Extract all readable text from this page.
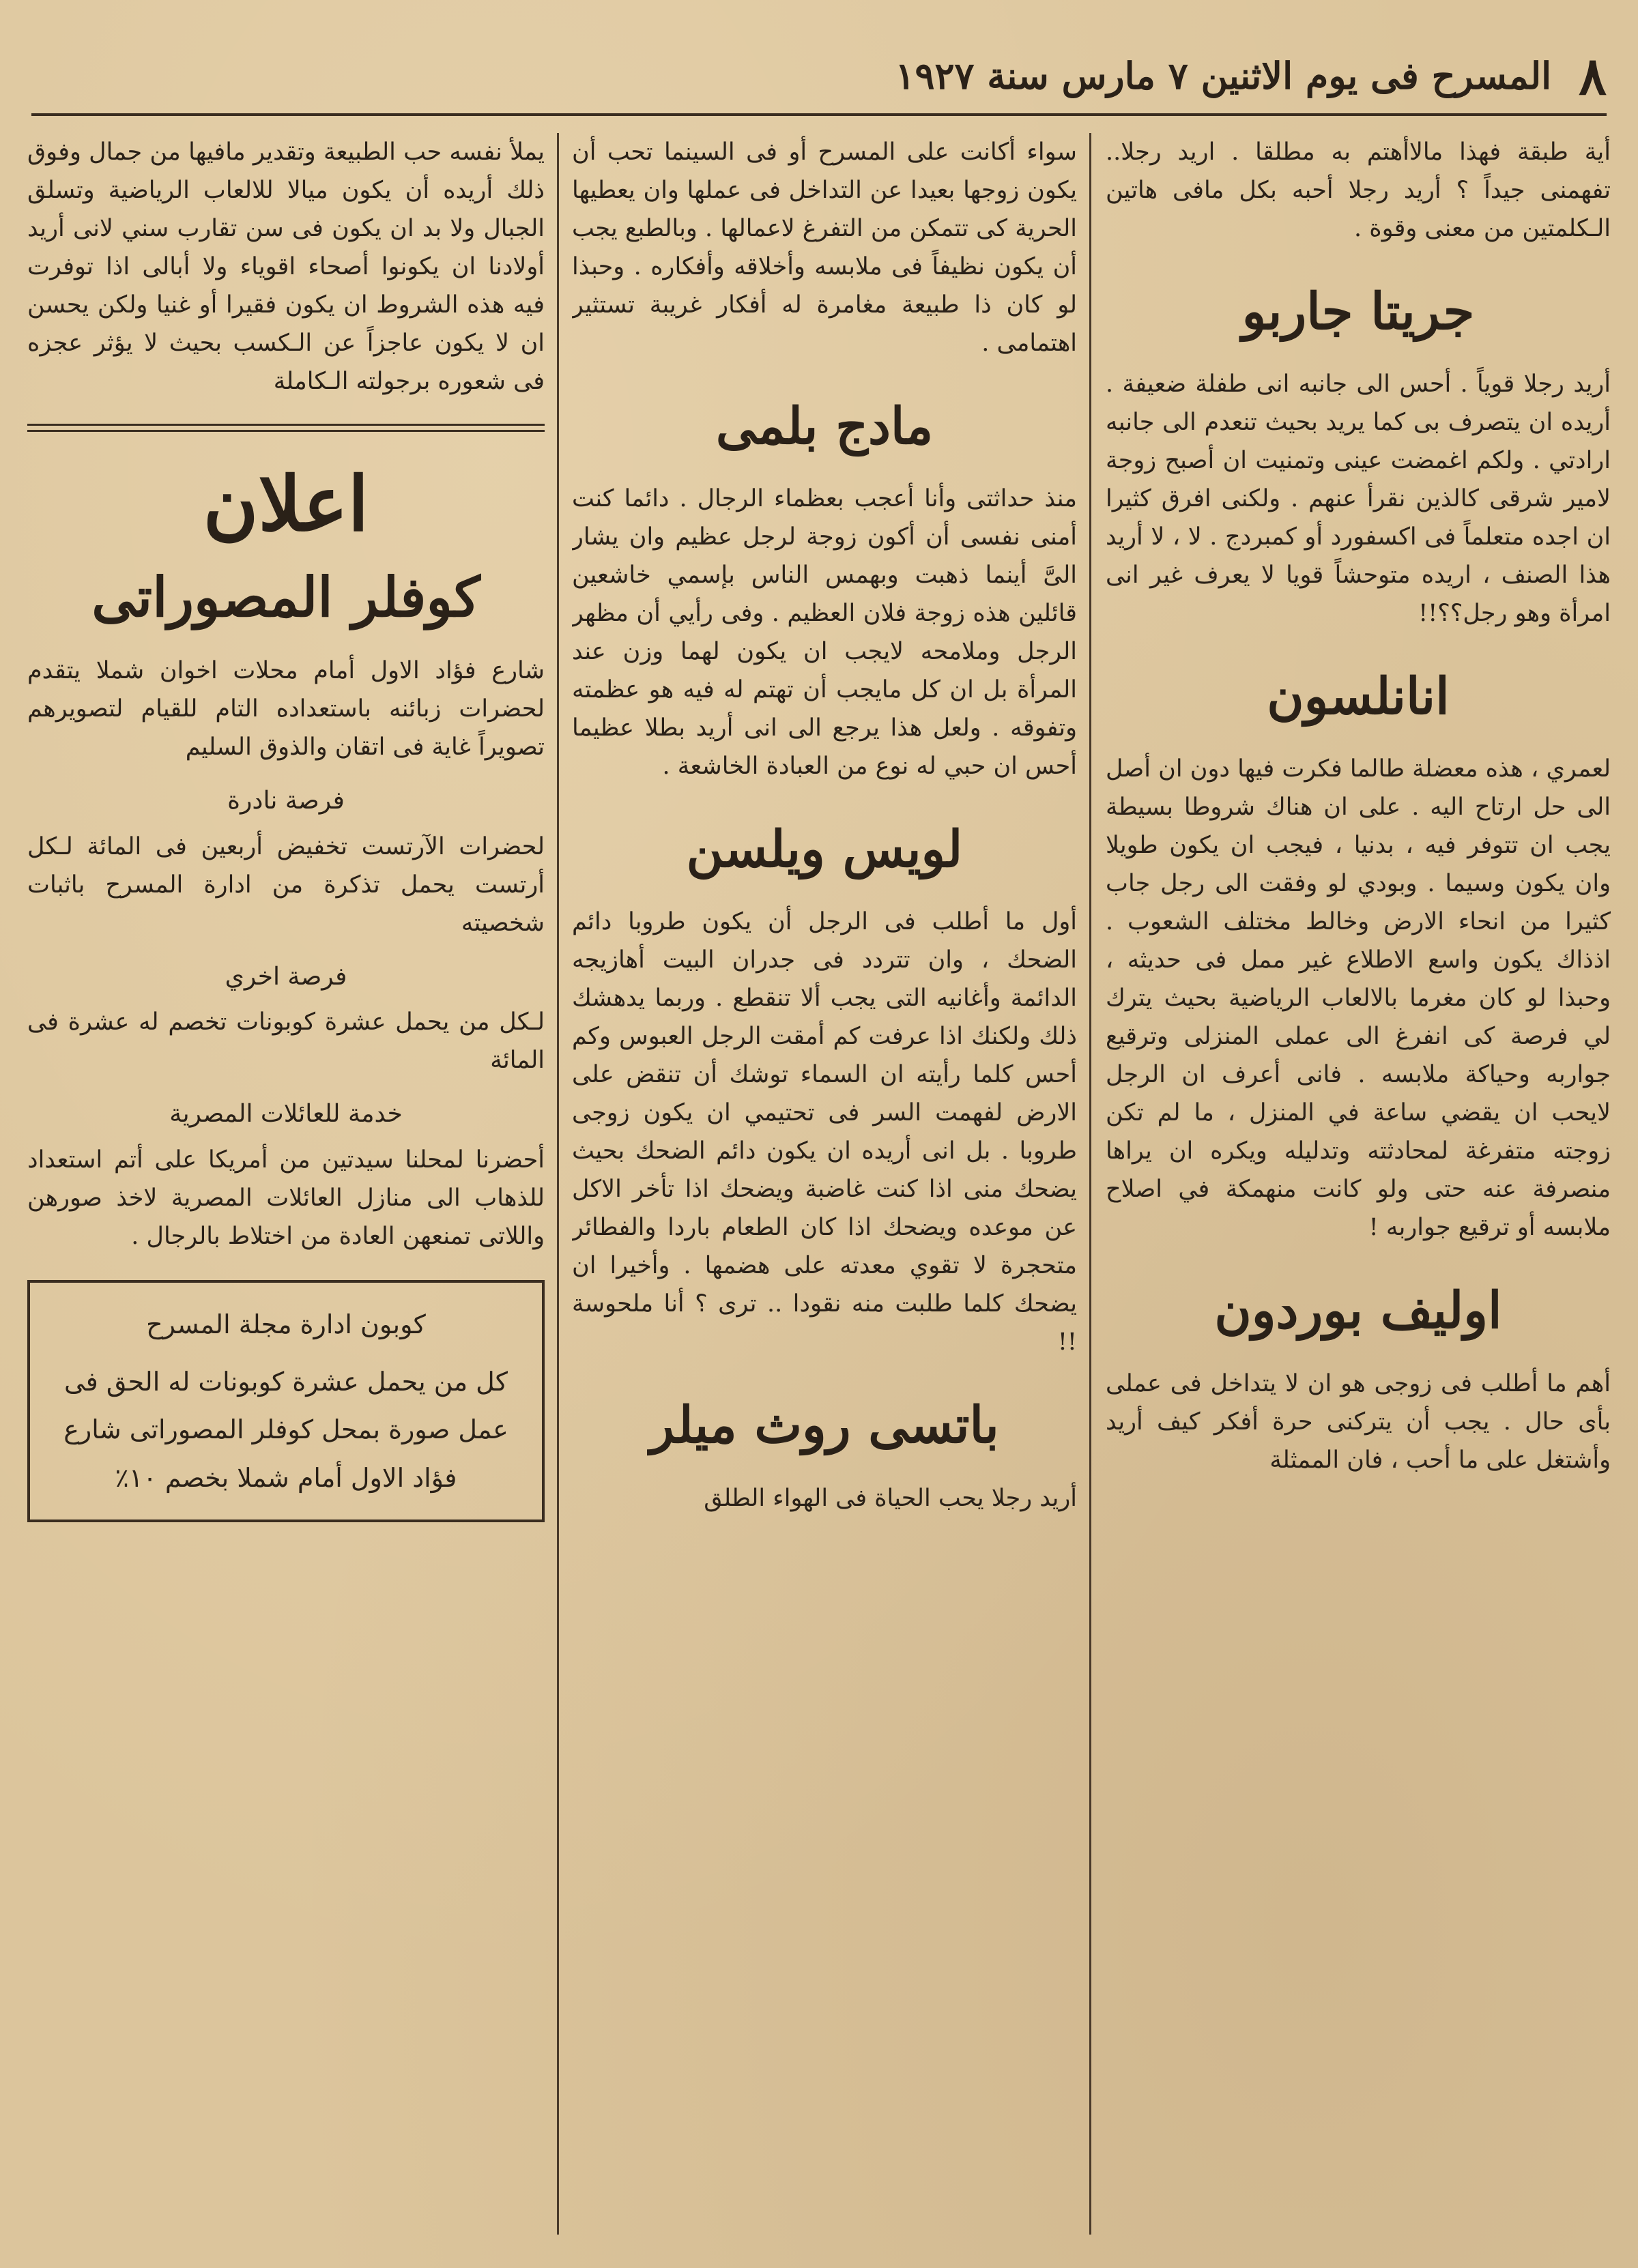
٨
المسرح فى يوم الاثنين ٧ مارس سنة ١٩٢٧

أية طبقة فهذا مالاأهتم به مطلقا . اريد رجلا.. تفهمنى جيداً ؟ أريد رجلا أحبه بكل مافى هاتين الـكلمتين من معنى وقوة .

جريتا جاربو

أريد رجلا قوياً . أحس الى جانبه انى طفلة ضعيفة . أريده ان يتصرف بى كما يريد بحيث تنعدم الى جانبه ارادتي . ولكم اغمضت عينى وتمنيت ان أصبح زوجة لامير شرقى كالذين نقرأ عنهم . ولكنى افرق كثيرا ان اجده متعلماً فى اكسفورد أو كمبردج . لا ، لا أريد هذا الصنف ، اريده متوحشاً قويا لا يعرف غير انى امرأة وهو رجل؟؟!!

انانلسون

لعمري ، هذه معضلة طالما فكرت فيها دون ان أصل الى حل ارتاح اليه . على ان هناك شروطا بسيطة يجب ان تتوفر فيه ، بدنيا ، فيجب ان يكون طويلا وان يكون وسيما . وبودي لو وفقت الى رجل جاب كثيرا من انحاء الارض وخالط مختلف الشعوب . اذذاك يكون واسع الاطلاع غير ممل فى حديثه ، وحبذا لو كان مغرما بالالعاب الرياضية بحيث يترك لي فرصة كى انفرغ الى عملى المنزلى وترقيع جواربه وحياكة ملابسه . فانى أعرف ان الرجل لايحب ان يقضي ساعة في المنزل ، ما لم تكن زوجته متفرغة لمحادثته وتدليله ويكره ان يراها منصرفة عنه حتى ولو كانت منهمكة في اصلاح ملابسه أو ترقيع جواربه !

اوليف بوردون

أهم ما أطلب فى زوجى هو ان لا يتداخل فى عملى بأى حال . يجب أن يتركنى حرة أفكر كيف أريد وأشتغل على ما أحب ، فان الممثلة

سواء أكانت على المسرح أو فى السينما تحب أن يكون زوجها بعيدا عن التداخل فى عملها وان يعطيها الحرية كى تتمكن من التفرغ لاعمالها . وبالطبع يجب أن يكون نظيفاً فى ملابسه وأخلاقه وأفكاره . وحبذا لو كان ذا طبيعة مغامرة له أفكار غريبة تستثير اهتمامى .

مادج بلمى

منذ حداثتى وأنا أعجب بعظماء الرجال . دائما كنت أمنى نفسى أن أكون زوجة لرجل عظيم وان يشار الىَّ أينما ذهبت وبهمس الناس بإسمي خاشعين قائلين هذه زوجة فلان العظيم . وفى رأيي أن مظهر الرجل وملامحه لايجب ان يكون لهما وزن عند المرأة بل ان كل مايجب أن تهتم له فيه هو عظمته وتفوقه . ولعل هذا يرجع الى انى أريد بطلا عظيما أحس ان حبي له نوع من العبادة الخاشعة .

لويس ويلسن

أول ما أطلب فى الرجل أن يكون طروبا دائم الضحك ، وان تتردد فى جدران البيت أهازيجه الدائمة وأغانيه التى يجب ألا تنقطع . وربما يدهشك ذلك ولكنك اذا عرفت كم أمقت الرجل العبوس وكم أحس كلما رأيته ان السماء توشك أن تنقض على الارض لفهمت السر فى تحتيمي ان يكون زوجى طروبا . بل انى أريده ان يكون دائم الضحك بحيث يضحك منى اذا كنت غاضبة ويضحك اذا تأخر الاكل عن موعده ويضحك اذا كان الطعام باردا والفطائر متحجرة لا تقوي معدته على هضمها . وأخيرا ان يضحك كلما طلبت منه نقودا .. ترى ؟ أنا ملحوسة !!

باتسى روث ميلر

أريد رجلا يحب الحياة فى الهواء الطلق

يملأ نفسه حب الطبيعة وتقدير مافيها من جمال وفوق ذلك أريده أن يكون ميالا للالعاب الرياضية وتسلق الجبال ولا بد ان يكون فى سن تقارب سني لانى أريد أولادنا ان يكونوا أصحاء اقوياء ولا أبالى اذا توفرت فيه هذه الشروط ان يكون فقيرا أو غنيا ولكن يحسن ان لا يكون عاجزاً عن الـكسب بحيث لا يؤثر عجزه فى شعوره برجولته الـكاملة

اعلان
كوفلر المصوراتى

شارع فؤاد الاول أمام محلات اخوان شملا يتقدم لحضرات زبائنه باستعداده التام للقيام لتصويرهم تصويراً غاية فى اتقان والذوق السليم

فرصة نادرة

لحضرات الآرتست تخفيض أربعين فى المائة لـكل أرتست يحمل تذكرة من ادارة المسرح باثبات شخصيته

فرصة اخري

لـكل من يحمل عشرة كوبونات تخصم له عشرة فى المائة

خدمة للعائلات المصرية

أحضرنا لمحلنا سيدتين من أمريكا على أتم استعداد للذهاب الى منازل العائلات المصرية لاخذ صورهن واللاتى تمنعهن العادة من اختلاط بالرجال .

كوبون ادارة مجلة المسرح
كل من يحمل عشرة كوبونات له الحق فى عمل صورة بمحل كوفلر المصوراتى شارع فؤاد الاول أمام شملا بخصم ١٠٪
